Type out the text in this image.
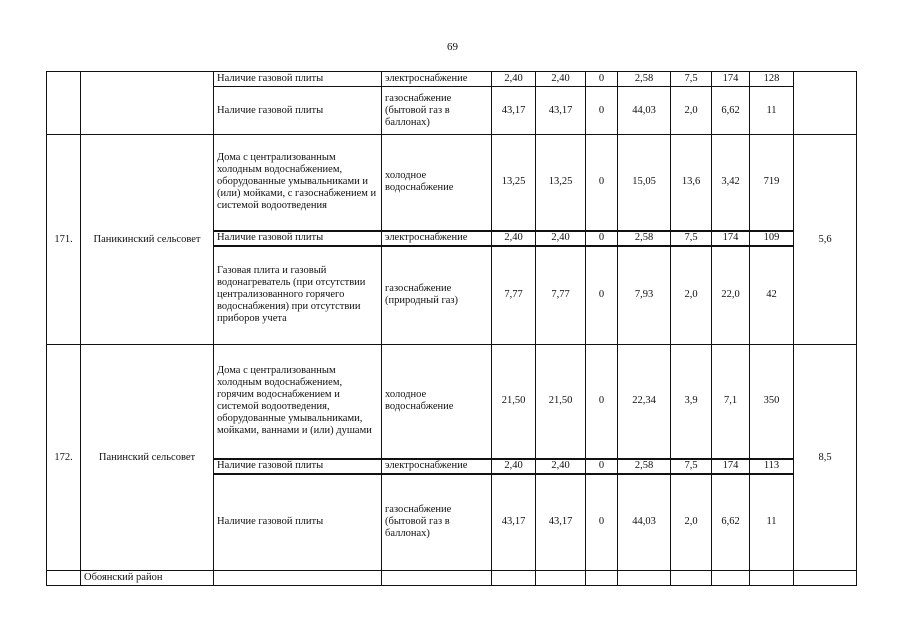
69
		Наличие газовой плиты	электроснабжение	2,40	2,40	0	2,58	7,5	174	128	
		Наличие газовой плиты	газоснабжение (бытовой газ в баллонах)	43,17	43,17	0	44,03	2,0	6,62	11	
171.	Паникинский сельсовет	Дома с централизованным холодным водоснабжением, оборудованные умывальниками и (или) мойками, с газоснабжением и системой водоотведения	холодное водоснабжение	13,25	13,25	0	15,05	13,6	3,42	719	5,6
		Наличие газовой плиты	электроснабжение	2,40	2,40	0	2,58	7,5	174	109	
		Газовая плита и газовый водонагреватель (при отсутствии централизованного горячего водоснабжения) при отсутствии приборов учета	газоснабжение (природный газ)	7,77	7,77	0	7,93	2,0	22,0	42	
172.	Панинский сельсовет	Дома с централизованным холодным водоснабжением, горячим водоснабжением и системой водоотведения, оборудованные умывальниками, мойками, ваннами и (или) душами	холодное водоснабжение	21,50	21,50	0	22,34	3,9	7,1	350	8,5
		Наличие газовой плиты	электроснабжение	2,40	2,40	0	2,58	7,5	174	113	
		Наличие газовой плиты	газоснабжение (бытовой газ в баллонах)	43,17	43,17	0	44,03	2,0	6,62	11	
	Обоянский район										
